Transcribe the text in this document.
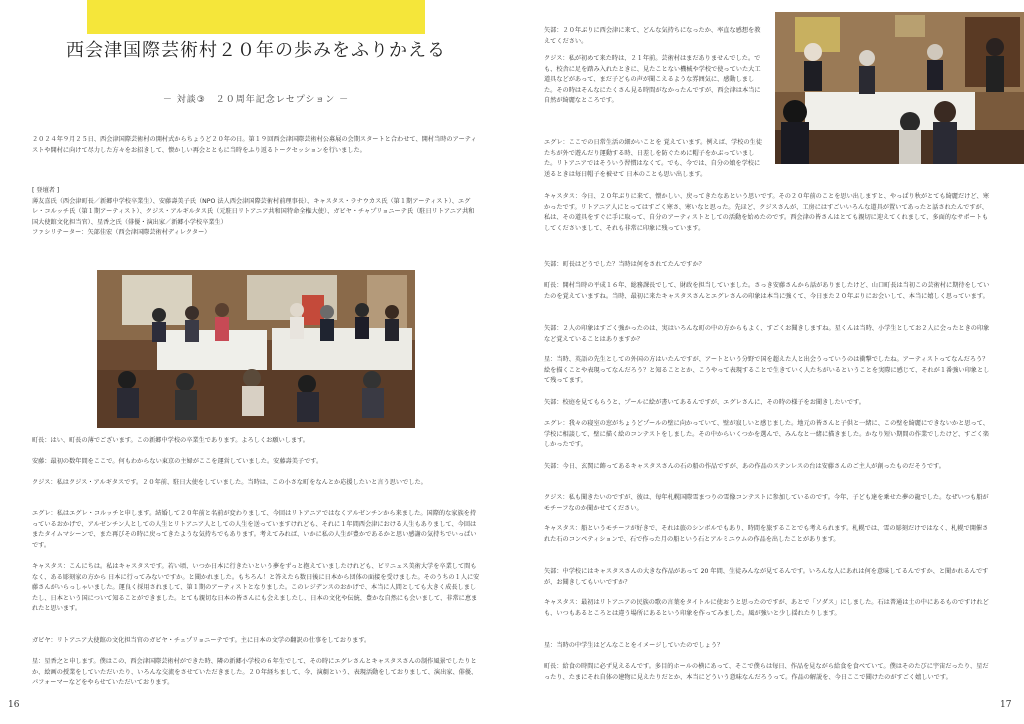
西会津国際芸術村２０年の歩みをふりかえる
－ 対談③　２０周年記念レセプション －

２０２４年９月２５日、西会津国際芸術村の開村式からちょうど２０年の日。第１９回西会津国際芸術村公募展の会期スタートと合わせて、開村当時のアーティストや開村に向けて尽力した方々をお招きして、懐かしい再会とともに当時をふり返るトークセッションを行いました。

[ 登壇者 ]
薄友喜氏（西会津町長／新郷中学校卒業生）、安藤壽美子氏（NPO 法人西会津国際芸術村前理事長）、キャスタス・ラナウカス氏（第１期アーティスト）、エグレ・コルッチ氏（第１期アーティスト）、クジス・アルギルタス氏（元駐日リトアニア共和国特命全権大使）、ガビヤ・チャプリョニーテ氏（駐日リトアニア共和国大使館文化担当官）、星香之氏（俳優・演出家／新郷小学校卒業生）
ファシリテーター：矢部佳宏（西会津国際芸術村ディレクター）

町長：はい、町長の薄でございます。この新郷中学校の卒業生であります。よろしくお願いします。

安藤：最初の数年間をここで。何もわからない東京の主婦がここを運営していました。安藤壽美子です。

クジス：私はクジス・アルギタスです。２０年前、駐日大使をしていました。当時は、この小さな町をなんとか応援したいと言う思いでした。

エグレ：私はエグレ・コルッチと申します。結婚して２０年前と名前が変わりまして、今回はリトアニアではなくアルゼンチンから来ました。国際的な家族を持っているおかげで、アルゼンチン人としての人生とリトアニア人としての人生を送っていますけれども、それに１年間西会津における人生もありまして、今回はまたタイムマシーンで、また再びその時に戻ってきたような気持ちでもあります。考えてみれば、いかに私の人生が豊かであるかと思い感謝の気持ちでいっぱいです。

キャスタス：こんにちは。私はキャスタスです。若い頃、いつか日本に行きたいという夢をずっと抱えていましたけれども、ビリニュス美術大学を卒業して間もなく、ある彫刻家の方から 日本に行ってみないですか。と聞かれました。もちろん！と答えたら数日後に日本から団体の面接を受けました。そのうちの１人に安藤さんがいらっしゃいました。運良く採用されまして、第１期のアーティストとなりました。このレジデンスのおかげで、本当に人間としても大きく成長しましたし、日本という国について知ることができました。とても親切な日本の皆さんにも会えましたし、日本の文化や伝統、豊かな自然にも会いまして、非常に恵まれたと思います。

ガビヤ：リトアニア大使館の文化担当官のガビヤ・チェプリョニーテです。主に日本の文学の翻訳の仕事をしております。

星：星香之と申します。僕はこの、西会津国際芸術村ができた時、隣の新郷小学校の６年生でして、その時にエグレさんとキャスタスさんの制作風景でしたりとか、絵画の授業をしていただいたり、いろんな交流をさせていただきました。２０年経ちまして、今、演劇という、表現活動をしておりまして、演出家、俳優、パフォーマーなどをやらせていただいております。

16

矢部：２０年ぶりに西会津に来て、どんな気持ちになったか、率直な感想を教えてください。

クジス：私が初めて来た時は、２１年前。芸術村はまだありませんでした。でも、校舎に足を踏み入れたときに、見たことない機械や学校で使っていた大工道具などがあって、まだ子どもの声が聞こえるような雰囲気に、感動しました。その時はそんなにたくさん見る時間がなかったんですが、西会津は本当に自然が綺麗なところです。

エグレ：ここでの日常生活の細かいことを 覚えています。例えば、学校の生徒たちが外で遊んだり運動する時、日差しを防ぐために帽子をかぶっていました。リトアニアではそういう習慣はなくて。でも、今では、自分の娘を学校に送るときは毎日帽子を被せて 日本のことも思い出します。

キャスタス：今日、２０年ぶりに来て、懐かしい、戻ってきたなあという思いです。その２０年前のことを思い出しますと、やっぱり秋がとても綺麗だけど、寒かったです。リトアニア人にとってはすごく寒さ、寒いなと思った。先ほど、クジスさんが、工房にはすごいいろんな道具が置いてあったと話されたんですが、私は、その道具をすぐに手に取って、自分のアーティストとしての活動を始めたのです。西会津の皆さんはとても親切に迎えてくれまして、多面的なサポートもしてくださいまして、それも非常に印象に残っています。

矢部：町長はどうでした？当時は何をされてたんですか？

町長：開村当時の平成１６年、総務課長でして、財政を担当していました。さっき安藤さんから話がありましたけど、山口町長は当初この芸術村に期待をしていたのを覚えていますね。当時、最初に来たキャスタスさんとエグレさんの印象は本当に強くて、今日また２０年ぶりにお会いして、本当に嬉しく思っています。

矢部：２人の印象はすごく強かったのは、実はいろんな町の中の方からもよく、すごくお聞きしますね。星くんは当時、小学生としてお２人に会ったときの印象など覚えていることはありますか？

星：当時、英語の先生としての外国の方はいたんですが、アートという分野で国を超えた人と出会うっていうのは衝撃でしたね。アーティストってなんだろう？絵を描くことや表現ってなんだろう？と知ることとか、こうやって表現することで生きていく人たちがいるということを実際に感じて、それが１番強い印象として残ってます。

矢部：校庭を見てもらうと、プールに絵が書いてあるんですが、エグレさんに、その時の様子をお聞きしたいです。

エグレ：我々の寝室の窓がちょうどプールの壁に向かっていて、壁が寂しいと感じました。地元の皆さんと子供と一緒に、この壁を綺麗にできないかと思って、学校に相談して、壁に描く絵のコンテストをしました。その中からいくつかを選んで、みんなと一緒に描きました。かなり短い期間の作業でしたけど、すごく楽しかったです。

矢部：今日、玄関に飾ってあるキャスタスさんの石の船の作品ですが、あの作品のステンレスの台は安藤さんのご主人が創ったものだそうです。

クジス：私も聞きたいのですが、彼は、毎年札幌国際雪まつりの雪像コンテストに参加しているのです。今年、子ども達を乗せた夢の龍でした。なぜいつも船がモチーフなのか聞かせてください。

キャスタス：船というモチーフが好きで、それは旅のシンボルでもあり、時間を旅することでも考えられます。札幌では、雪の彫刻だけではなく、札幌で開催された石のコンペティションで、石で作った月の船という石とアルミニウムの作品を出したことがあります。

矢部：中学校にはキャスタスさんの大きな作品があって 20 年間、生徒みんなが見てるんです。いろんな人にあれは何を意味してるんですか、と聞かれるんですが、お聞きしてもいいですか？

キャスタス：最初はリトアニアの民族の歌の言葉をタイトルに使おうと思ったのですが、あとで「ソダス」にしました。石は普通は土の中にあるものですけれども、いつもあるところとは違う場所にあるという印象を作ってみました。風が強いと少し揺れたりします。

星：当時の中学生はどんなことをイメージしていたのでしょう？

町長：給食の時間に必ず見えるんです。多目的ホールの横にあって、そこで僕らは毎日、作品を見ながら給食を食べていて。僕はそのたびに宇宙だったり、星だったり、たまにそれ自体の建物に見えたりだとか、本当にどういう意味なんだろうって。作品の解説を、今日ここで聞けたのがすごく嬉しいです。

17
